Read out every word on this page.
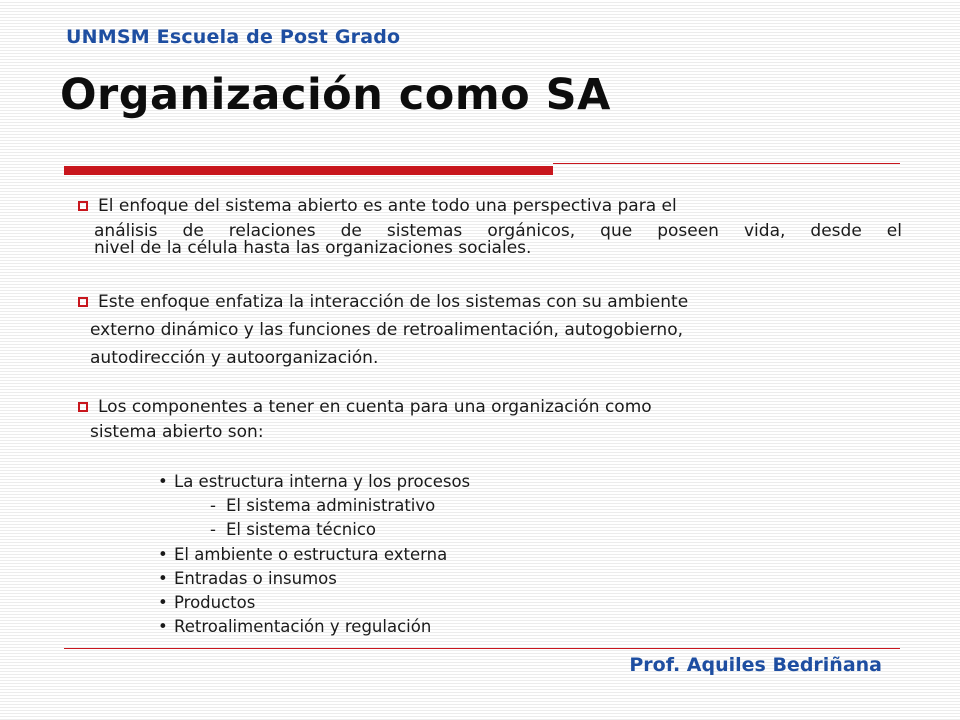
UNMSM Escuela de Post Grado
Organización como SA
El enfoque del sistema abierto es ante todo una perspectiva para el
análisis de relaciones de sistemas orgánicos, que poseen vida, desde el
nivel de la célula hasta las organizaciones sociales.
Este enfoque enfatiza la interacción de los sistemas con su ambiente
externo dinámico y las funciones de retroalimentación, autogobierno,
autodirección y autoorganización.
Los componentes a tener en cuenta para una organización como
sistema abierto son:
• La estructura interna y los procesos
- El sistema administrativo
- El sistema técnico
• El ambiente o estructura externa
• Entradas o insumos
• Productos
• Retroalimentación y regulación
Prof. Aquiles Bedriñana
